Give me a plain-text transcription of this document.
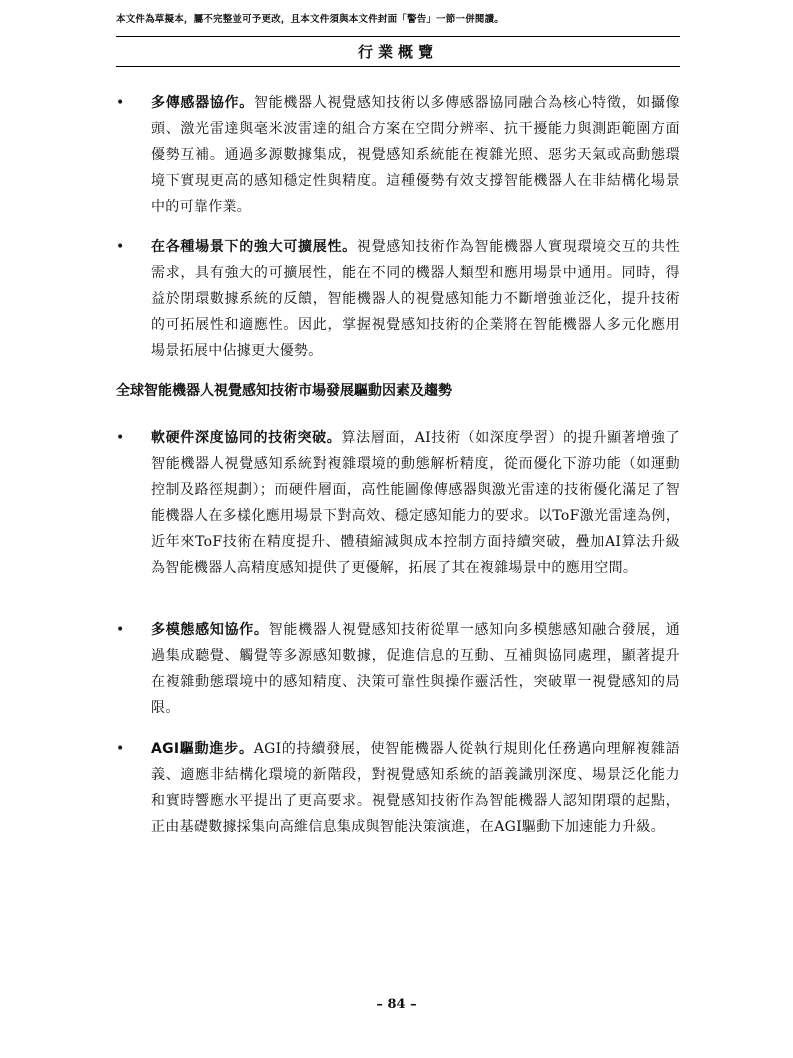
本文件為草擬本，屬不完整並可予更改，且本文件須與本文件封面「警告」一節一併閱讀。
行業概覽
• 多傳感器協作。智能機器人視覺感知技術以多傳感器協同融合為核心特徵，如攝像頭、激光雷達與毫米波雷達的組合方案在空間分辨率、抗干擾能力與測距範圍方面優勢互補。通過多源數據集成，視覺感知系統能在複雜光照、惡劣天氣或高動態環境下實現更高的感知穩定性與精度。這種優勢有效支撐智能機器人在非結構化場景中的可靠作業。
• 在各種場景下的強大可擴展性。視覺感知技術作為智能機器人實現環境交互的共性需求，具有強大的可擴展性，能在不同的機器人類型和應用場景中通用。同時，得益於閉環數據系統的反饋，智能機器人的視覺感知能力不斷增強並泛化，提升技術的可拓展性和適應性。因此，掌握視覺感知技術的企業將在智能機器人多元化應用場景拓展中佔據更大優勢。
全球智能機器人視覺感知技術市場發展驅動因素及趨勢
• 軟硬件深度協同的技術突破。算法層面，AI技術（如深度學習）的提升顯著增強了智能機器人視覺感知系統對複雜環境的動態解析精度，從而優化下游功能（如運動控制及路徑規劃）；而硬件層面，高性能圖像傳感器與激光雷達的技術優化滿足了智能機器人在多樣化應用場景下對高效、穩定感知能力的要求。以ToF激光雷達為例，近年來ToF技術在精度提升、體積縮減與成本控制方面持續突破，疊加AI算法升級為智能機器人高精度感知提供了更優解，拓展了其在複雜場景中的應用空間。
• 多模態感知協作。智能機器人視覺感知技術從單一感知向多模態感知融合發展，通過集成聽覺、觸覺等多源感知數據，促進信息的互動、互補與協同處理，顯著提升在複雜動態環境中的感知精度、決策可靠性與操作靈活性，突破單一視覺感知的局限。
• AGI驅動進步。AGI的持續發展，使智能機器人從執行規則化任務邁向理解複雜語義、適應非結構化環境的新階段，對視覺感知系統的語義識別深度、場景泛化能力和實時響應水平提出了更高要求。視覺感知技術作為智能機器人認知閉環的起點，正由基礎數據採集向高維信息集成與智能決策演進，在AGI驅動下加速能力升級。
– 84 –
